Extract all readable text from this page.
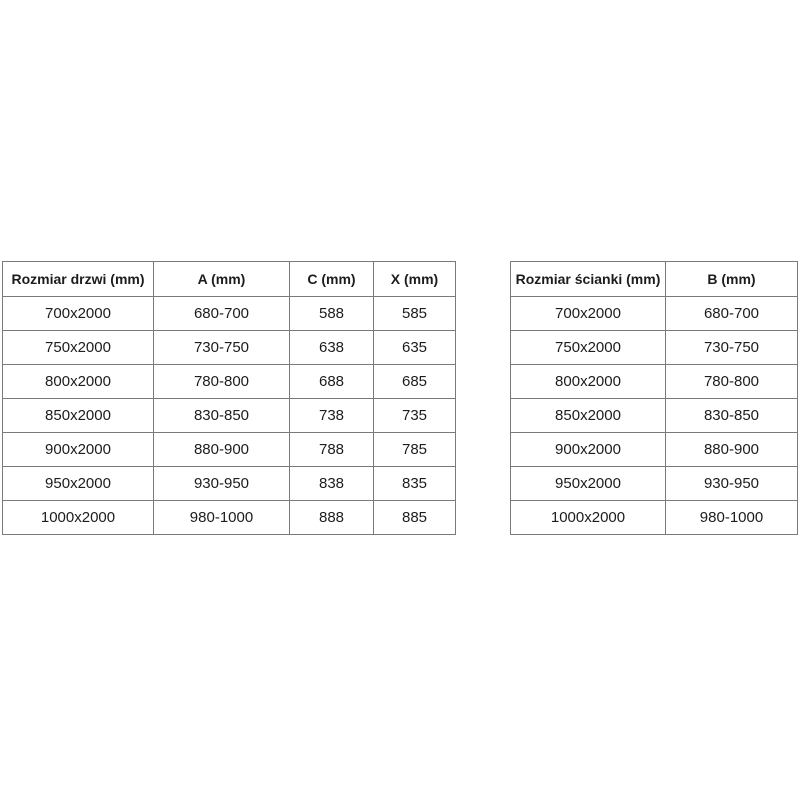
Rozmiar drzwi (mm)	A (mm)	C (mm)	X (mm)
700x2000	680-700	588	585
750x2000	730-750	638	635
800x2000	780-800	688	685
850x2000	830-850	738	735
900x2000	880-900	788	785
950x2000	930-950	838	835
1000x2000	980-1000	888	885
Rozmiar ścianki (mm)	B (mm)
700x2000	680-700
750x2000	730-750
800x2000	780-800
850x2000	830-850
900x2000	880-900
950x2000	930-950
1000x2000	980-1000
